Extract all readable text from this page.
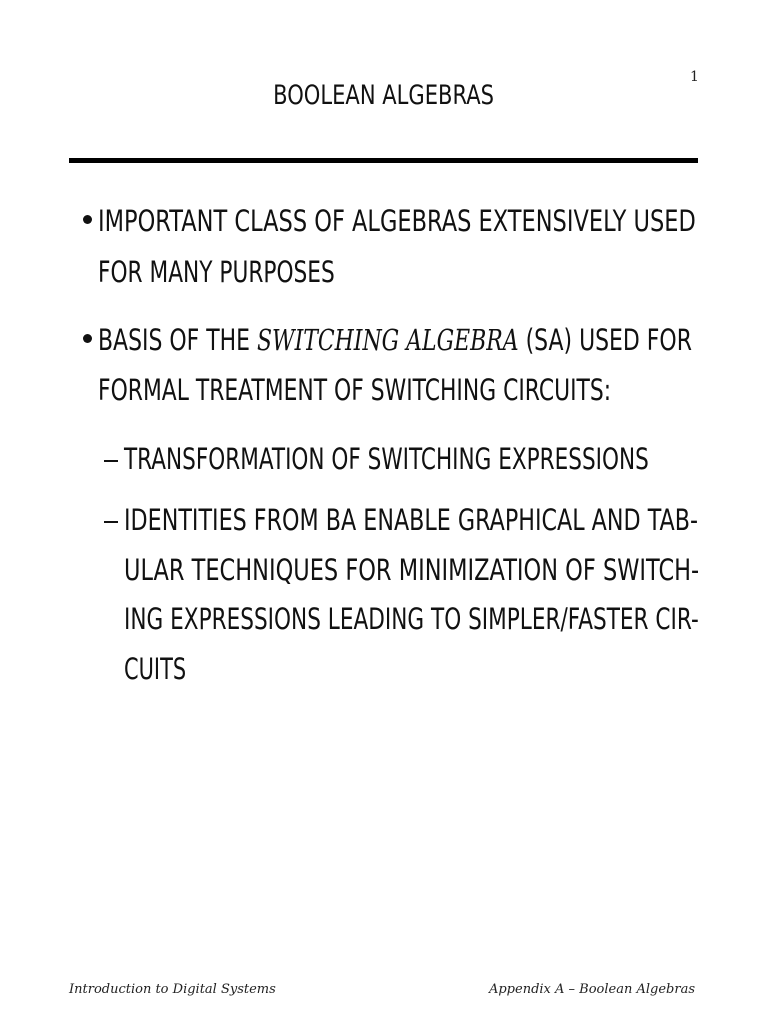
1
BOOLEAN ALGEBRAS
IMPORTANT CLASS OF ALGEBRAS EXTENSIVELY USED
FOR MANY PURPOSES
BASIS OF THE SWITCHING ALGEBRA (SA) USED FOR
FORMAL TREATMENT OF SWITCHING CIRCUITS:
TRANSFORMATION OF SWITCHING EXPRESSIONS
IDENTITIES FROM BA ENABLE GRAPHICAL AND TAB-
ULAR TECHNIQUES FOR MINIMIZATION OF SWITCH-
ING EXPRESSIONS LEADING TO SIMPLER/FASTER CIR-
CUITS
Introduction to Digital Systems	Appendix A – Boolean Algebras
